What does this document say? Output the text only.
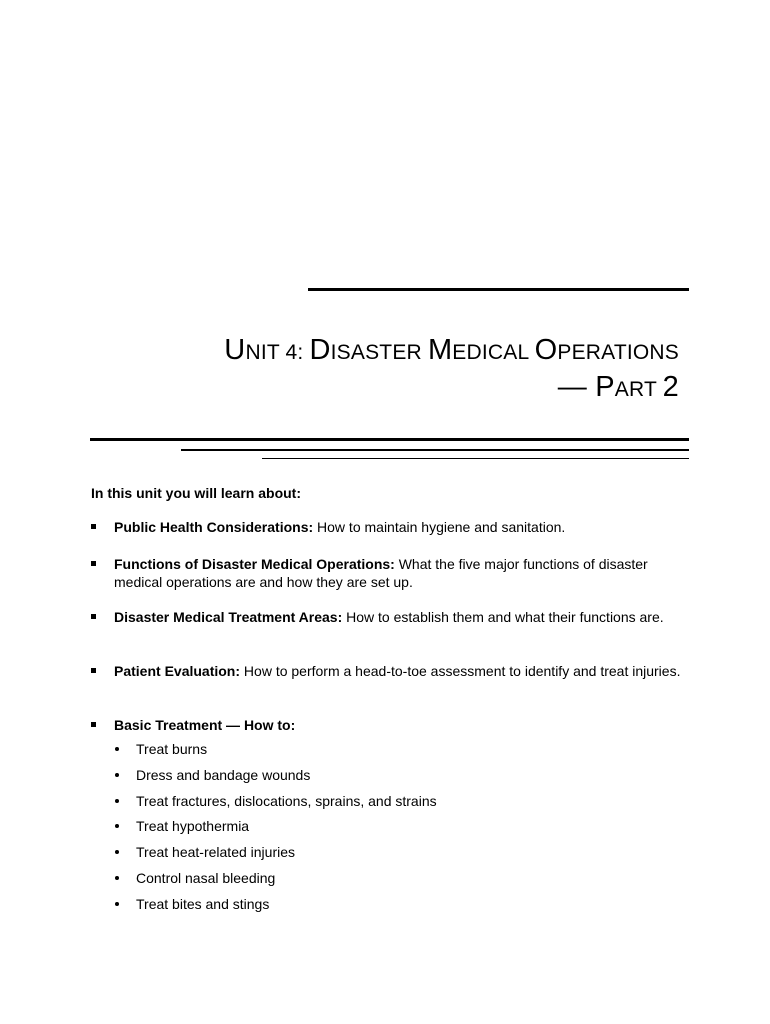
UNIT 4: DISASTER MEDICAL OPERATIONS
— PART 2

In this unit you will learn about:

Public Health Considerations: How to maintain hygiene and sanitation.
Functions of Disaster Medical Operations: What the five major functions of disaster medical operations are and how they are set up.
Disaster Medical Treatment Areas: How to establish them and what their functions are.
Patient Evaluation: How to perform a head-to-toe assessment to identify and treat injuries.
Basic Treatment — How to:
Treat burns
Dress and bandage wounds
Treat fractures, dislocations, sprains, and strains
Treat hypothermia
Treat heat-related injuries
Control nasal bleeding
Treat bites and stings
